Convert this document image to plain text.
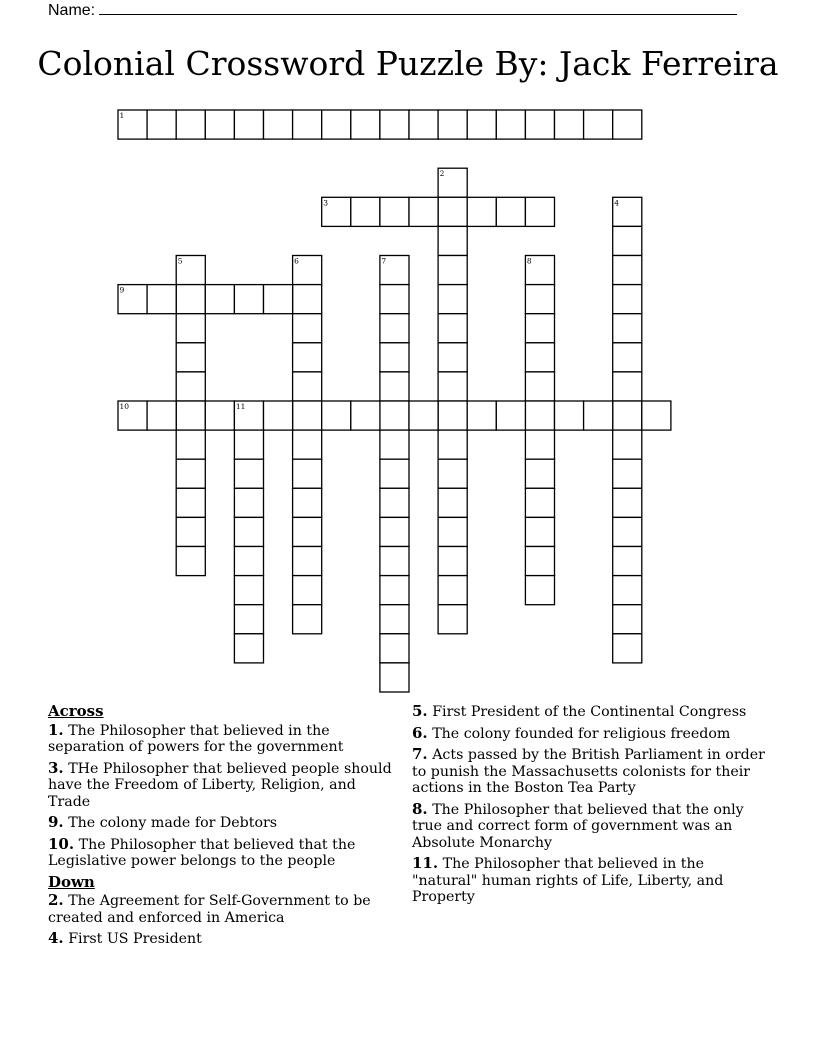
Name:
Colonial Crossword Puzzle By: Jack Ferreira
1
2
3	4
5	6	7	8
9
10	11
Across
1. The Philosopher that believed in the separation of powers for the government
3. THe Philosopher that believed people should have the Freedom of Liberty, Religion, and Trade
9. The colony made for Debtors
10. The Philosopher that believed that the Legislative power belongs to the people
Down
2. The Agreement for Self-Government to be created and enforced in America
4. First US President
5. First President of the Continental Congress
6. The colony founded for religious freedom
7. Acts passed by the British Parliament in order to punish the Massachusetts colonists for their actions in the Boston Tea Party
8. The Philosopher that believed that the only true and correct form of government was an Absolute Monarchy
11. The Philosopher that believed in the "natural" human rights of Life, Liberty, and Property
